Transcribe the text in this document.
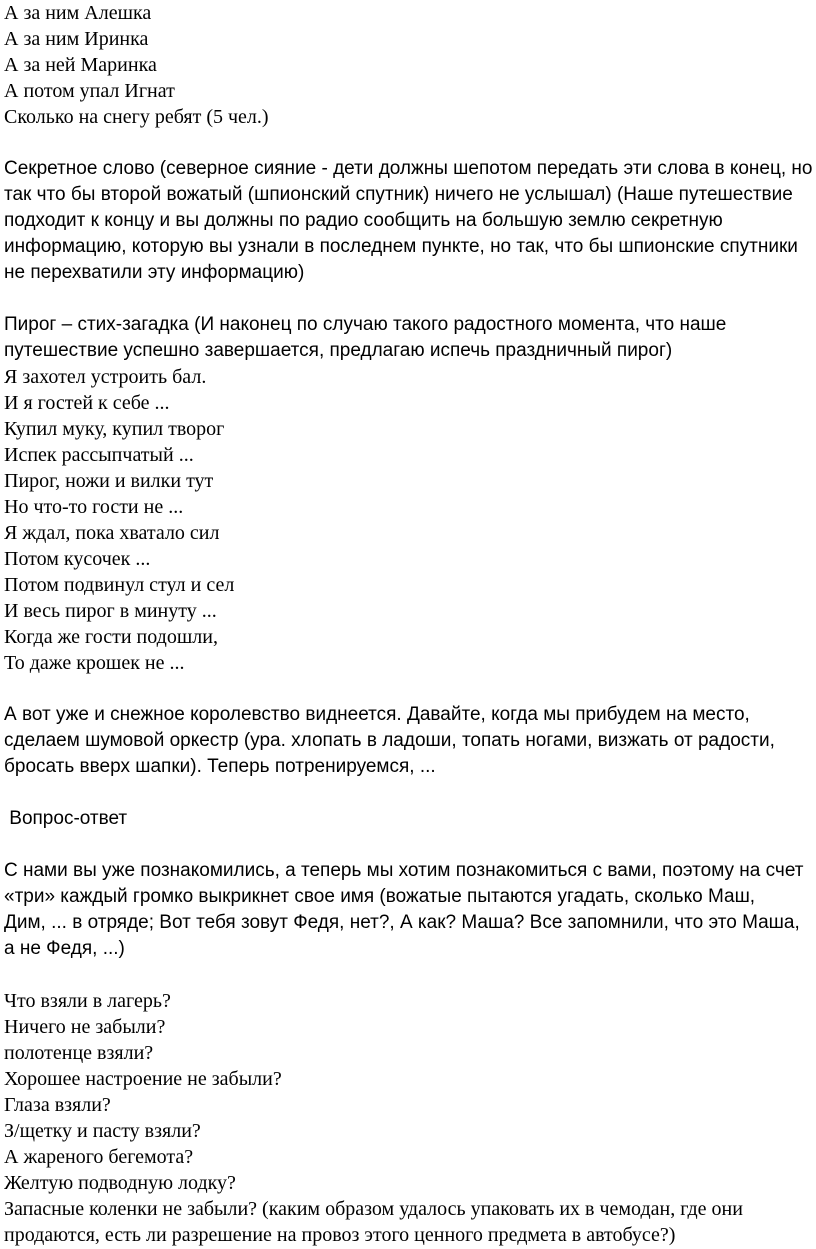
А за ним Алешка
А за ним Иринка
А за ней Маринка
А потом упал Игнат
Сколько на снегу ребят (5 чел.)
Секретное слово (северное сияние - дети должны шепотом передать эти слова в конец, но
так что бы второй вожатый (шпионский спутник) ничего не услышал) (Наше путешествие
подходит к концу и вы должны по радио сообщить на большую землю секретную
информацию, которую вы узнали в последнем пункте, но так, что бы шпионские спутники
не перехватили эту информацию)
Пирог – стих-загадка (И наконец по случаю такого радостного момента, что наше
путешествие успешно завершается, предлагаю испечь праздничный пирог)
Я захотел устроить бал.
И я гостей к себе ...
Купил муку, купил творог
Испек рассыпчатый ...
Пирог, ножи и вилки тут
Но что-то гости не ...
Я ждал, пока хватало сил
Потом кусочек ...
Потом подвинул стул и сел
И весь пирог в минуту ...
Когда же гости подошли,
То даже крошек не ...
А вот уже и снежное королевство виднеется. Давайте, когда мы прибудем на место,
сделаем шумовой оркестр (ура. хлопать в ладоши, топать ногами, визжать от радости,
бросать вверх шапки). Теперь потренируемся, ...
Вопрос-ответ
С нами вы уже познакомились, а теперь мы хотим познакомиться с вами, поэтому на счет
«три» каждый громко выкрикнет свое имя (вожатые пытаются угадать, сколько Маш,
Дим, ... в отряде; Вот тебя зовут Федя, нет?, А как? Маша? Все запомнили, что это Маша,
а не Федя, ...)
Что взяли в лагерь?
Ничего не забыли?
полотенце взяли?
Хорошее настроение не забыли?
Глаза взяли?
З/щетку и пасту взяли?
А жареного бегемота?
Желтую подводную лодку?
Запасные коленки не забыли? (каким образом удалось упаковать их в чемодан, где они
продаются, есть ли разрешение на провоз этого ценного предмета в автобусе?)
